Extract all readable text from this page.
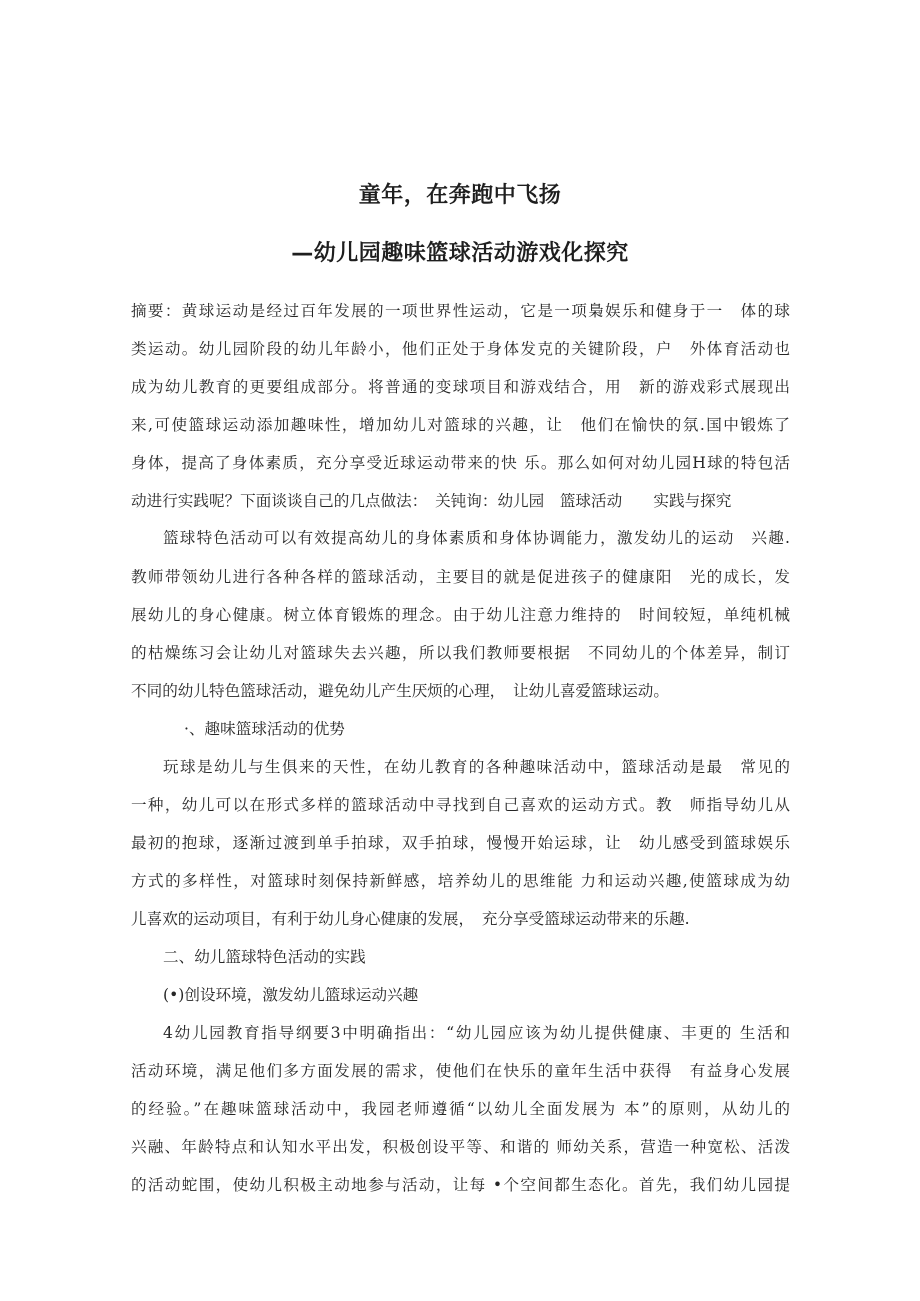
童年，在奔跑中飞扬
—幼儿园趣味篮球活动游戏化探究
摘要：黄球运动是经过百年发展的一项世界性运动，它是一项梟娱乐和健身于一　体的球
类运动。幼儿园阶段的幼儿年龄小，他们正处于身体发克的关键阶段，户　外体育活动也
成为幼儿教育的更要组成部分。将普通的变球项目和游戏结合，用　新的游戏彩式展现出
来,可使篮球运动添加趣味性，增加幼儿对篮球的兴趣，让　他们在愉快的氛.国中锻炼了
身体，提高了身体素质，充分享受近球运动带来的快 乐。那么如何对幼儿园H球的特包活
动进行实践呢？下面谈谈自己的几点做法：　关钝询：幼儿园　篮球活动　　实践与探究
篮球特色活动可以有效提高幼儿的身体素质和身体协调能力，激发幼儿的运动　兴趣.
教师带领幼儿进行各种各样的篮球活动，主要目的就是促进孩子的健康阳　光的成长，发
展幼儿的身心健康。树立体育锻炼的理念。由于幼儿注意力维持的　时间较短，单纯机械
的枯燥练习会让幼儿对篮球失去兴趣，所以我们教师要根据　不同幼儿的个体差异，制订
不同的幼儿特色篮球活动，避免幼儿产生厌烦的心理，　让幼儿喜爱篮球运动。
·、趣味篮球活动的优势
玩球是幼儿与生俱来的天性，在幼儿教育的各种趣味活动中，篮球活动是最　常见的
一种，幼儿可以在形式多样的篮球活动中寻找到自己喜欢的运动方式。教　师指导幼儿从
最初的抱球，逐渐过渡到单手拍球，双手拍球，慢慢开始运球，让　幼儿感受到篮球娱乐
方式的多样性，对篮球时刻保持新鲜感，培养幼儿的思维能 力和运动兴趣,使篮球成为幼
儿喜欢的运动项目，有利于幼儿身心健康的发展，　充分享受篮球运动带来的乐趣.
二、幼儿篮球特色活动的实践
(•)创设环境，激发幼儿篮球运动兴趣
4幼儿园教育指导纲要3中明确指出：“幼儿园应该为幼儿提供健康、丰更的 生活和
活动环境，满足他们多方面发展的需求，使他们在快乐的童年生活中获得　有益身心发展
的经验。”在趣味篮球活动中，我园老师遵循“以幼儿全面发展为 本”的原则，从幼儿的
兴融、年龄特点和认知水平出发，积极创设平等、和谐的 师幼关系，营造一种宽松、活泼
的活动蛇围，使幼儿积极主动地参与活动，让每 •个空间都生态化。首先，我们幼儿园提
